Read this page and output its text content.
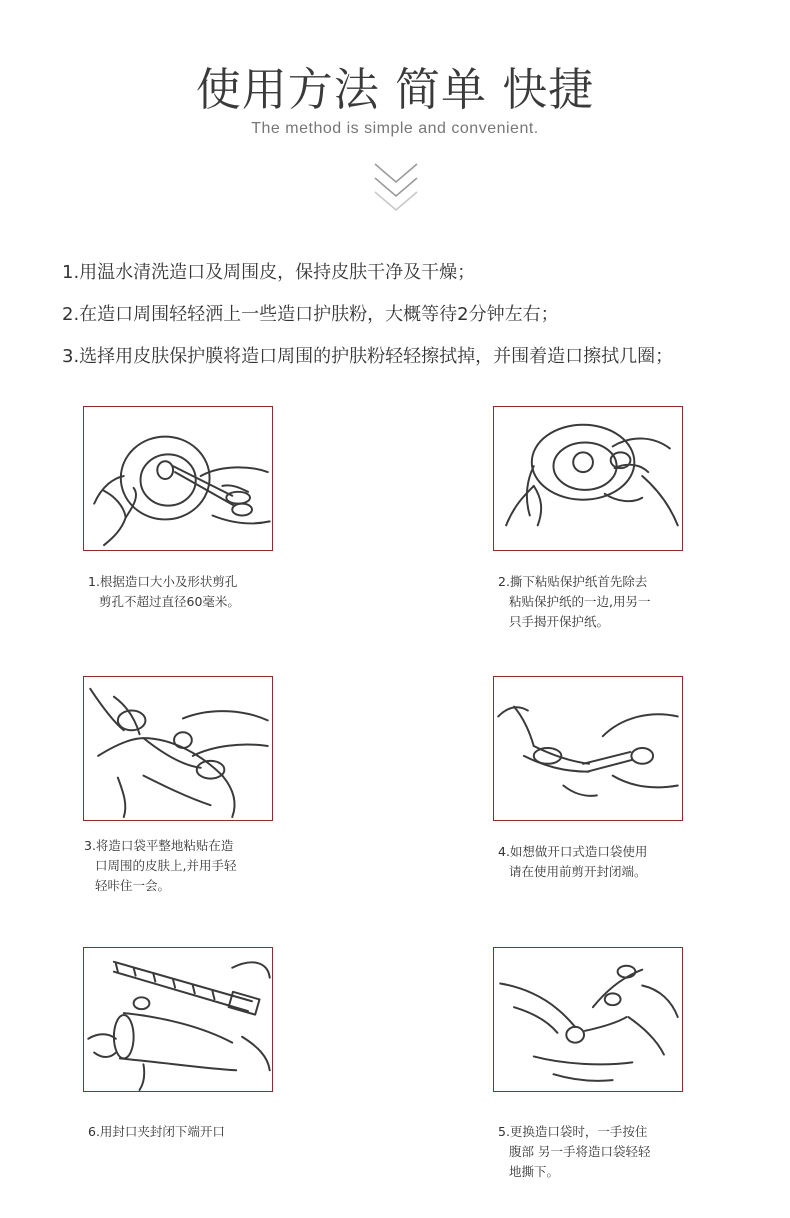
使用方法 简单 快捷
The method is simple and convenient.
1.用温水清洗造口及周围皮，保持皮肤干净及干燥；
2.在造口周围轻轻洒上一些造口护肤粉，大概等待2分钟左右；
3.选择用皮肤保护膜将造口周围的护肤粉轻轻擦拭掉，并围着造口擦拭几圈；
1.根据造口大小及形状剪孔
剪孔不超过直径60毫米。
2.撕下粘贴保护纸首先除去
粘贴保护纸的一边,用另一
只手揭开保护纸。
3.将造口袋平整地粘贴在造
口周围的皮肤上,并用手轻
轻咔住一会。
4.如想做开口式造口袋使用
请在使用前剪开封闭端。
6.用封口夹封闭下端开口	5.更换造口袋时，一手按住
腹部 另一手将造口袋轻轻
地撕下。
